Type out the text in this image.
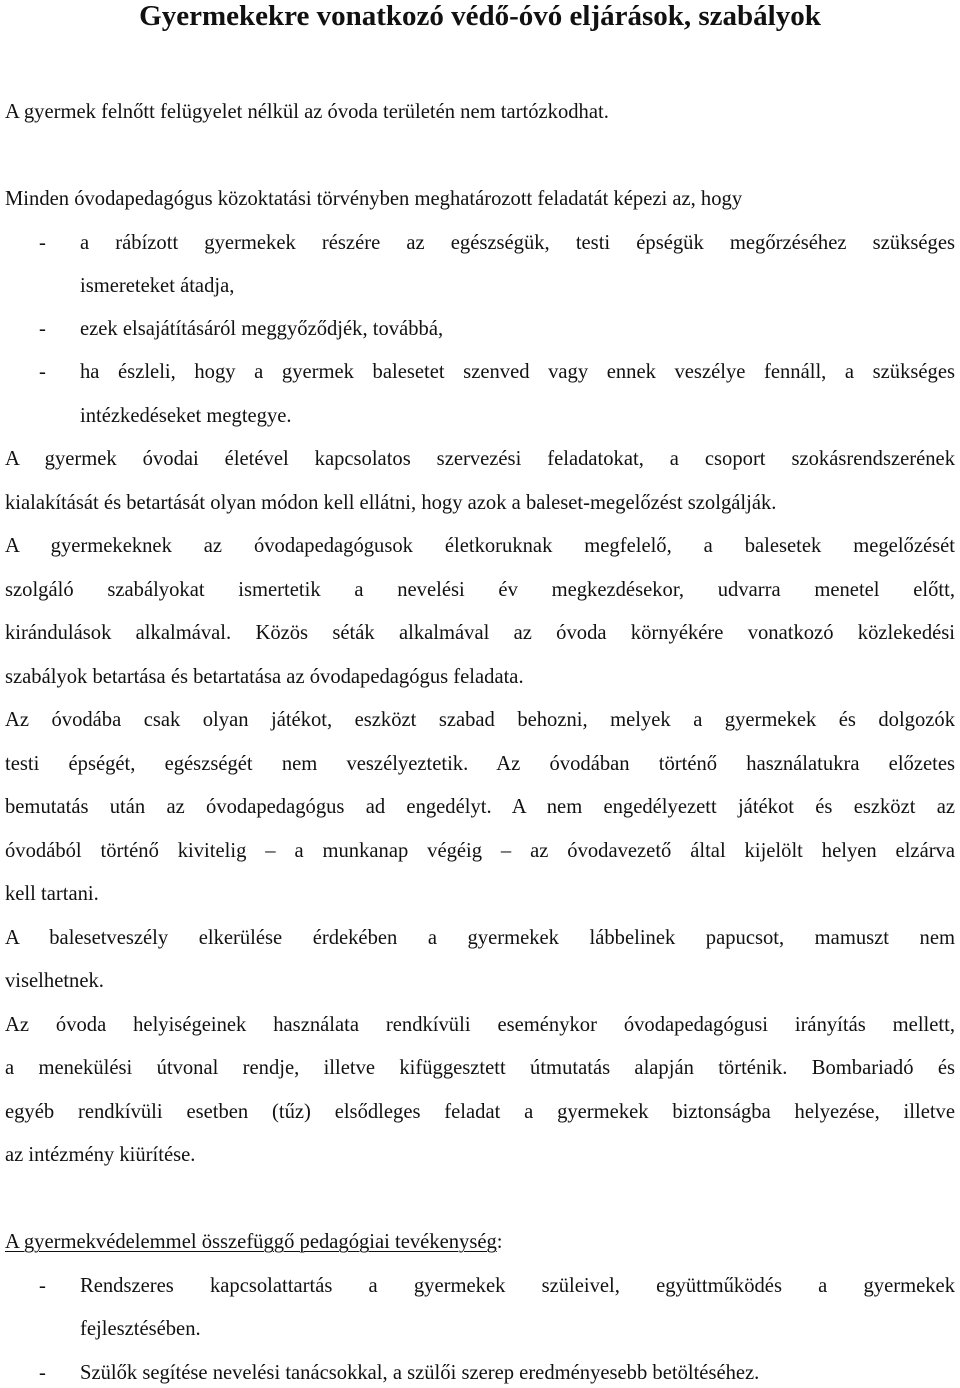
Gyermekekre vonatkozó védő-óvó eljárások, szabályok
A gyermek felnőtt felügyelet nélkül az óvoda területén nem tartózkodhat.
Minden óvodapedagógus közoktatási törvényben meghatározott feladatát képezi az, hogy
- a rábízott gyermekek részére az egészségük, testi épségük megőrzéséhez szükséges
ismereteket átadja,
- ezek elsajátításáról meggyőződjék, továbbá,
- ha észleli, hogy a gyermek balesetet szenved vagy ennek veszélye fennáll, a szükséges
intézkedéseket megtegye.
A gyermek óvodai életével kapcsolatos szervezési feladatokat, a csoport szokásrendszerének
kialakítását és betartását olyan módon kell ellátni, hogy azok a baleset-megelőzést szolgálják.
A gyermekeknek az óvodapedagógusok életkoruknak megfelelő, a balesetek megelőzését
szolgáló szabályokat ismertetik a nevelési év megkezdésekor, udvarra menetel előtt,
kirándulások alkalmával. Közös séták alkalmával az óvoda környékére vonatkozó közlekedési
szabályok betartása és betartatása az óvodapedagógus feladata.
Az óvodába csak olyan játékot, eszközt szabad behozni, melyek a gyermekek és dolgozók
testi épségét, egészségét nem veszélyeztetik. Az óvodában történő használatukra előzetes
bemutatás után az óvodapedagógus ad engedélyt. A nem engedélyezett játékot és eszközt az
óvodából történő kivitelig – a munkanap végéig – az óvodavezető által kijelölt helyen elzárva
kell tartani.
A balesetveszély elkerülése érdekében a gyermekek lábbelinek papucsot, mamuszt nem
viselhetnek.
Az óvoda helyiségeinek használata rendkívüli eseménykor óvodapedagógusi irányítás mellett,
a menekülési útvonal rendje, illetve kifüggesztett útmutatás alapján történik. Bombariadó és
egyéb rendkívüli esetben (tűz) elsődleges feladat a gyermekek biztonságba helyezése, illetve
az intézmény kiürítése.
A gyermekvédelemmel összefüggő pedagógiai tevékenység:
- Rendszeres kapcsolattartás a gyermekek szüleivel, együttműködés a gyermekek
fejlesztésében.
- Szülők segítése nevelési tanácsokkal, a szülői szerep eredményesebb betöltéséhez.
